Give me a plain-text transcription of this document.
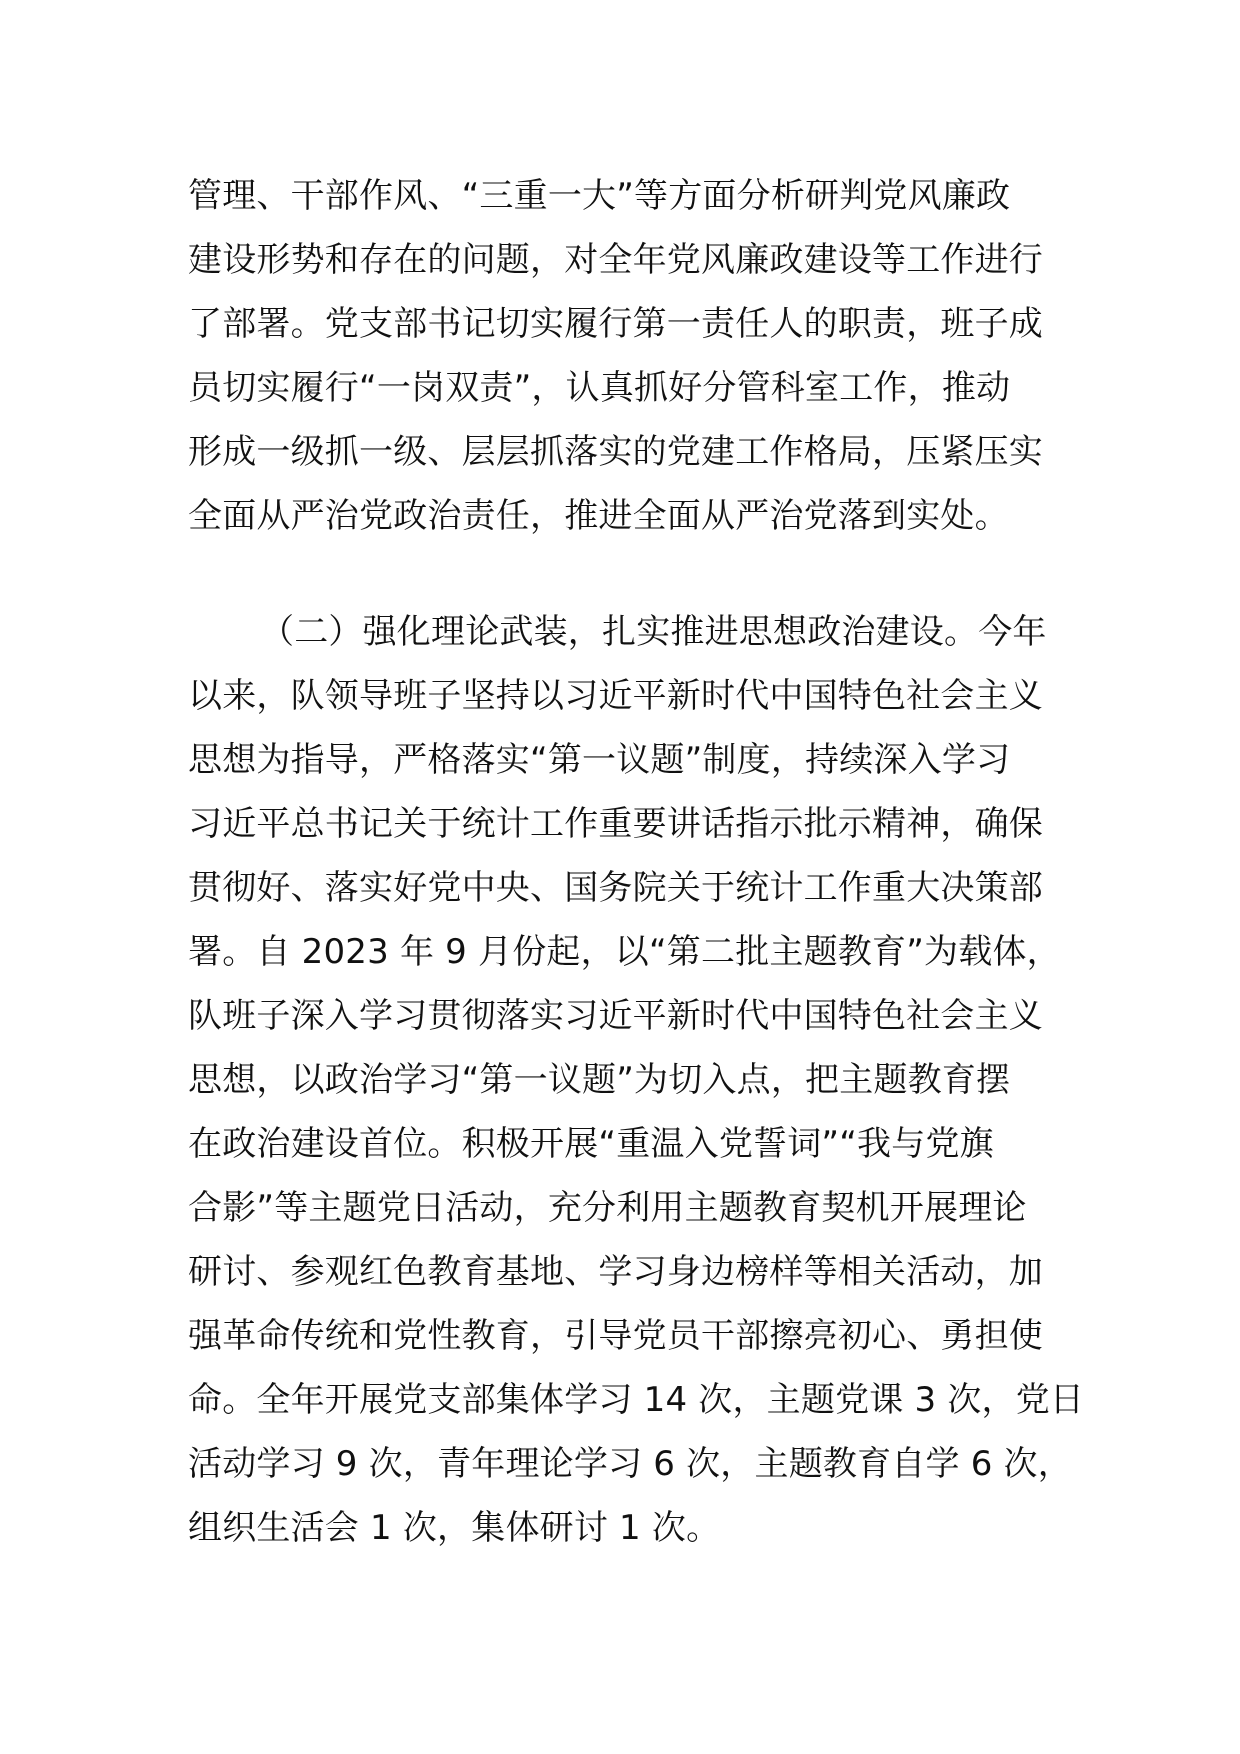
管理、干部作风、“三重一大”等方面分析研判党风廉政
建设形势和存在的问题，对全年党风廉政建设等工作进行
了部署。党支部书记切实履行第一责任人的职责，班子成
员切实履行“一岗双责”，认真抓好分管科室工作，推动
形成一级抓一级、层层抓落实的党建工作格局，压紧压实
全面从严治党政治责任，推进全面从严治党落到实处。
（二）强化理论武装，扎实推进思想政治建设。今年
以来，队领导班子坚持以习近平新时代中国特色社会主义
思想为指导，严格落实“第一议题”制度，持续深入学习
习近平总书记关于统计工作重要讲话指示批示精神，确保
贯彻好、落实好党中央、国务院关于统计工作重大决策部
署。自 2023 年 9 月份起，以“第二批主题教育”为载体，
队班子深入学习贯彻落实习近平新时代中国特色社会主义
思想，以政治学习“第一议题”为切入点，把主题教育摆
在政治建设首位。积极开展“重温入党誓词”“我与党旗
合影”等主题党日活动，充分利用主题教育契机开展理论
研讨、参观红色教育基地、学习身边榜样等相关活动，加
强革命传统和党性教育，引导党员干部擦亮初心、勇担使
命。全年开展党支部集体学习 14 次，主题党课 3 次，党日
活动学习 9 次，青年理论学习 6 次，主题教育自学 6 次，
组织生活会 1 次，集体研讨 1 次。
